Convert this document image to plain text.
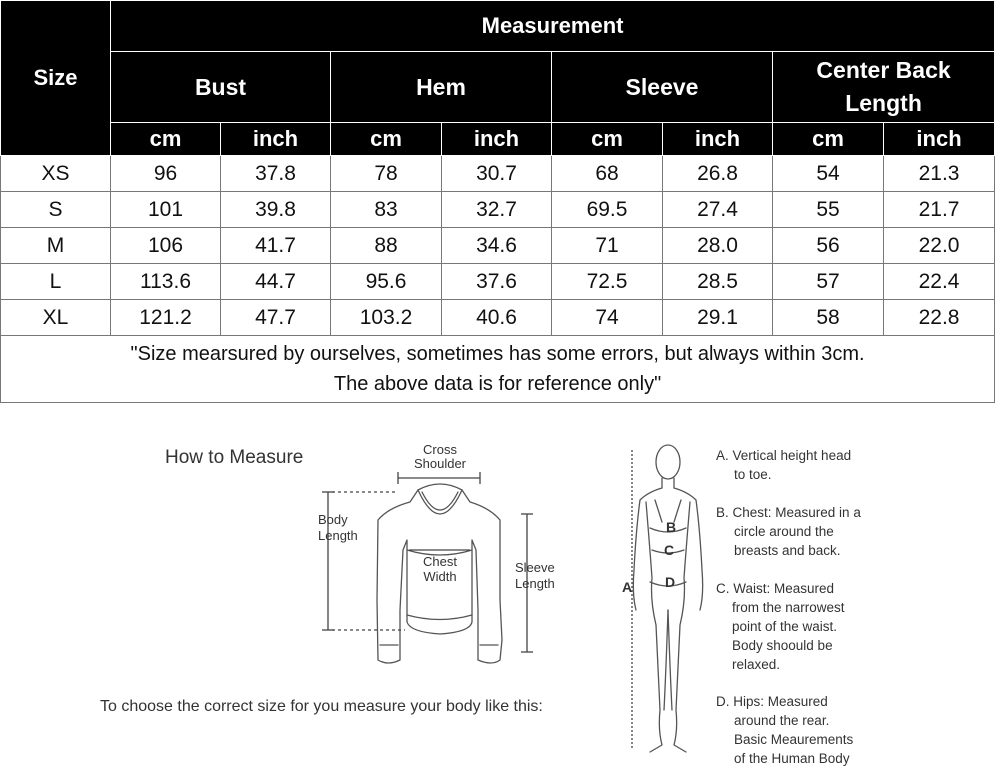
Size	Measurement							
	Bust		Hem		Sleeve		Center Back
Length	
	cm	inch	cm	inch	cm	inch	cm	inch
XS	96	37.8	78	30.7	68	26.8	54	21.3
S	101	39.8	83	32.7	69.5	27.4	55	21.7
M	106	41.7	88	34.6	71	28.0	56	22.0
L	113.6	44.7	95.6	37.6	72.5	28.5	57	22.4
XL	121.2	47.7	103.2	40.6	74	29.1	58	22.8
"Size mearsured by ourselves, sometimes has some errors, but always within 3cm.
The above data is for reference only"								
How to Measure	Cross
Shoulder
Body
Length
Chest
Width
Sleeve
Length
To choose the correct size for you measure your body like this:
A
B
C
D
A. Vertical height head
to toe.
B. Chest: Measured in a
circle around the
breasts and back.
C. Waist: Measured
from the narrowest
point of the waist.
Body shoould be
relaxed.
D. Hips: Measured
around the rear.
Basic Meaurements
of the Human Body
